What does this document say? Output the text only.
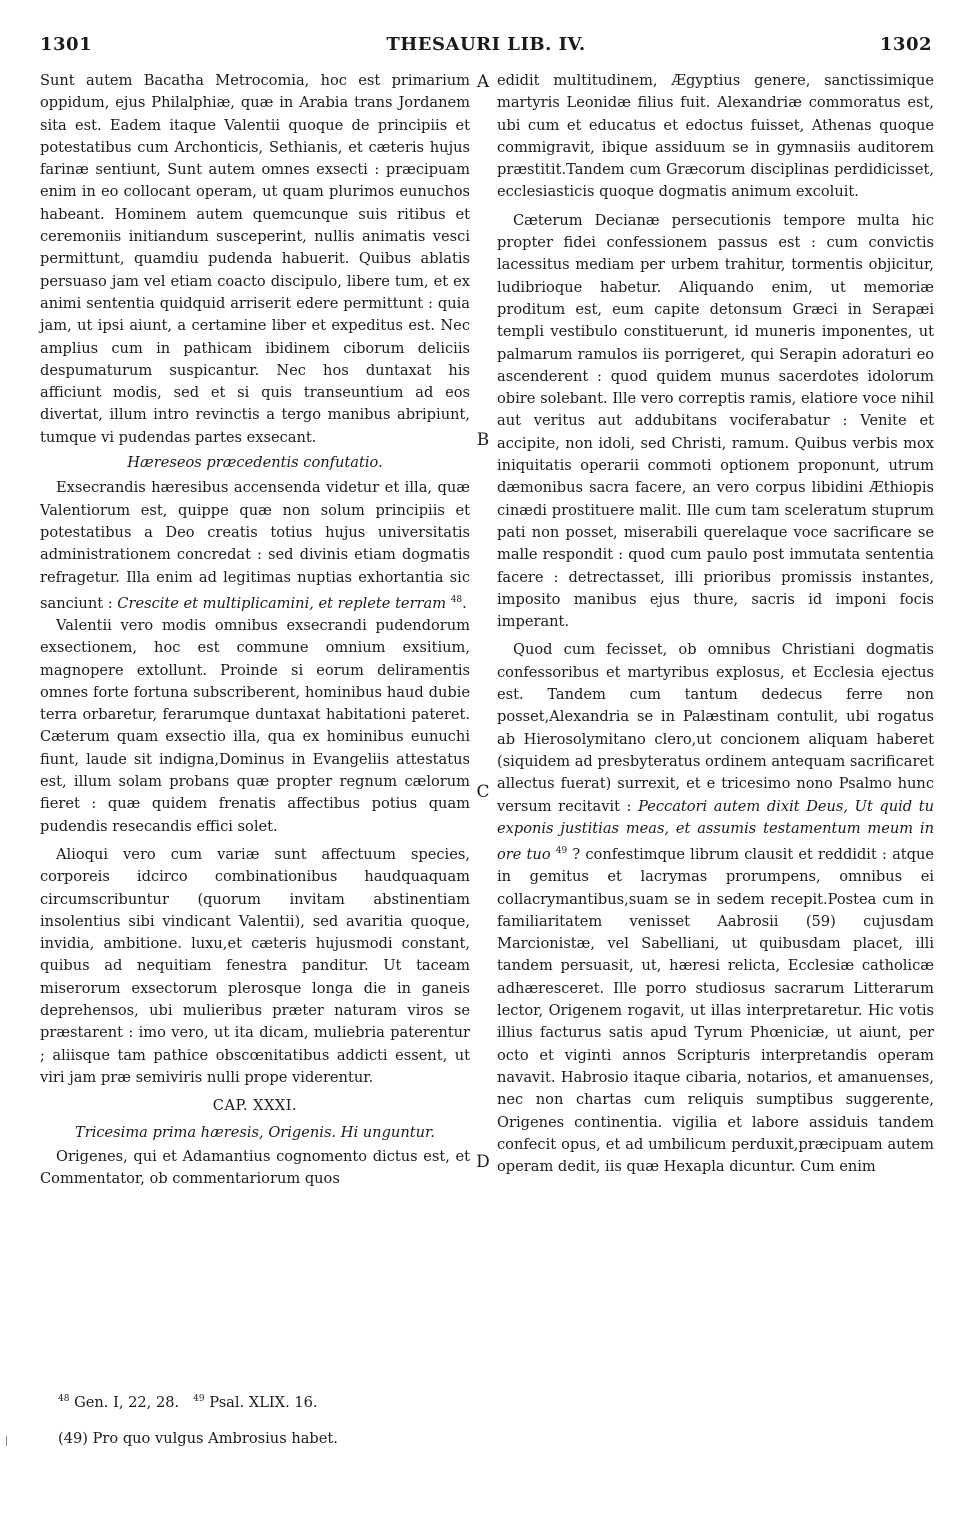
1301	THESAURI LIB. IV.	1302

Sunt autem Bacatha Metrocomia, hoc est primarium oppidum, ejus Philalphiæ, quæ in Arabia trans Jordanem sita est. Eadem itaque Valentii quoque de principiis et potestatibus cum Archonticis, Sethianis, et cæteris hujus farinæ sentiunt, Sunt autem omnes exsecti : præcipuam enim in eo collocant operam, ut quam plurimos eunuchos habeant. Hominem autem quemcunque suis ritibus et ceremoniis initiandum susceperint, nullis animatis vesci permittunt, quamdiu pudenda habuerit. Quibus ablatis persuaso jam vel etiam coacto discipulo, libere tum, et ex animi sententia quidquid arriserit edere permittunt : quia jam, ut ipsi aiunt, a certamine liber et expeditus est. Nec amplius cum in pathicam ibidinem ciborum deliciis despumaturum suspicantur. Nec hos duntaxat his afficiunt modis, sed et si quis transeuntium ad eos divertat, illum intro revinctis a tergo manibus abripiunt, tumque vi pudendas partes exsecant.

Hæreseos præcedentis confutatio.

Exsecrandis hæresibus accensenda videtur et illa, quæ Valentiorum est, quippe quæ non solum principiis et potestatibus a Deo creatis totius hujus universitatis administrationem concredat : sed divinis etiam dogmatis refragetur. Illa enim ad legitimas nuptias exhortantia sic sanciunt : Crescite et multiplicamini, et replete terram $^{48}$.

Valentii vero modis omnibus exsecrandi pudendorum exsectionem, hoc est commune omnium exsitium, magnopere extollunt. Proinde si eorum deliramentis omnes forte fortuna subscriberent, hominibus haud dubie terra orbaretur, ferarumque duntaxat habitationi pateret. Cæterum quam exsectio illa, qua ex hominibus eunuchi fiunt, laude sit indigna,Dominus in Evangeliis attestatus est, illum solam probans quæ propter regnum cælorum fieret : quæ quidem frenatis affectibus potius quam pudendis resecandis effici solet.

Alioqui vero cum variæ sunt affectuum species, corporeis idcirco combinationibus haudquaquam circumscribuntur (quorum invitam abstinentiam insolentius sibi vindicant Valentii), sed avaritia quoque, invidia, ambitione. luxu,et cæteris hujusmodi constant, quibus ad nequitiam fenestra panditur. Ut taceam miserorum exsectorum plerosque longa die in ganeis deprehensos, ubi mulieribus præter naturam viros se præstarent : imo vero, ut ita dicam, muliebria paterentur ; aliisque tam pathice obscœnitatibus addicti essent, ut viri jam præ semiviris nulli prope viderentur.

CAP. XXXI.

Tricesima prima hæresis, Origenis. Hi unguntur.

Origenes, qui et Adamantius cognomento dictus est, et Commentator, ob commentariorum quos

A
B
C
D

edidit multitudinem, Ægyptius genere, sanctissimique martyris Leonidæ filius fuit. Alexandriæ commoratus est, ubi cum et educatus et edoctus fuisset, Athenas quoque commigravit, ibique assiduum se in gymnasiis auditorem præstitit.Tandem cum Græcorum disciplinas perdidicisset, ecclesiasticis quoque dogmatis animum excoluit.

Cæterum Decianæ persecutionis tempore multa hic propter fidei confessionem passus est : cum convictis lacessitus mediam per urbem trahitur, tormentis objicitur, ludibrioque habetur. Aliquando enim, ut memoriæ proditum est, eum capite detonsum Græci in Serapæi templi vestibulo constituerunt, id muneris imponentes, ut palmarum ramulos iis porrigeret, qui Serapin adoraturi eo ascenderent : quod quidem munus sacerdotes idolorum obire solebant. Ille vero correptis ramis, elatiore voce nihil aut veritus aut addubitans vociferabatur : Venite et accipite, non idoli, sed Christi, ramum. Quibus verbis mox iniquitatis operarii commoti optionem proponunt, utrum dæmonibus sacra facere, an vero corpus libidini Æthiopis cinædi prostituere malit. Ille cum tam sceleratum stuprum pati non posset, miserabili querelaque voce sacrificare se malle respondit : quod cum paulo post immutata sententia facere : detrectasset, illi prioribus promissis instantes, imposito manibus ejus thure, sacris id imponi focis imperant.

Quod cum fecisset, ob omnibus Christiani dogmatis confessoribus et martyribus explosus, et Ecclesia ejectus est. Tandem cum tantum dedecus ferre non posset,Alexandria se in Palæstinam contulit, ubi rogatus ab Hierosolymitano clero,ut concionem aliquam haberet (siquidem ad presbyteratus ordinem antequam sacrificaret allectus fuerat) surrexit, et e tricesimo nono Psalmo hunc versum recitavit : Peccatori autem dixit Deus, Ut quid tu exponis justitias meas, et assumis testamentum meum in ore tuo $^{49}$ ? confestimque librum clausit et reddidit : atque in gemitus et lacrymas prorumpens, omnibus ei collacrymantibus,suam se in sedem recepit.Postea cum in familiaritatem venisset Aabrosii (59) cujusdam Marcionistæ, vel Sabelliani, ut quibusdam placet, illi tandem persuasit, ut, hæresi relicta, Ecclesiæ catholicæ adhæresceret. Ille porro studiosus sacrarum Litterarum lector, Origenem rogavit, ut illas interpretaretur. Hic votis illius facturus satis apud Tyrum Phœniciæ, ut aiunt, per octo et viginti annos Scripturis interpretandis operam navavit. Habrosio itaque cibaria, notarios, et amanuenses, nec non chartas cum reliquis sumptibus suggerente, Origenes continentia. vigilia et labore assiduis tandem confecit opus, et ad umbilicum perduxit,præcipuam autem operam dedit, iis quæ Hexapla dicuntur. Cum enim

$^{48}$ Gen. I, 22, 28. $^{49}$ Psal. XLIX. 16.
(49) Pro quo vulgus Ambrosius habet.
